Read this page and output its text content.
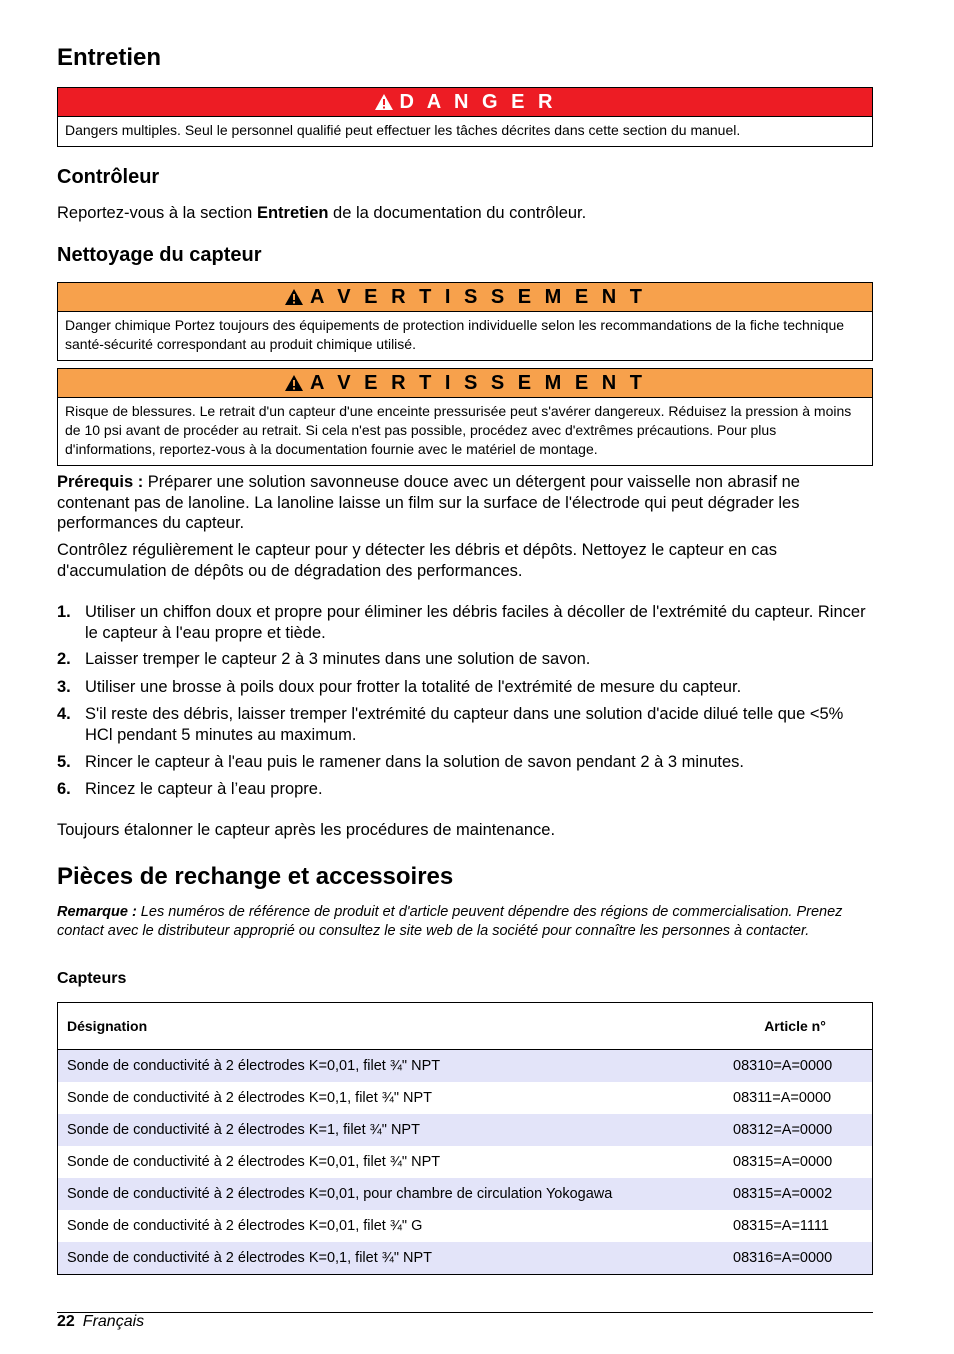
Entretien
D A N G E R
Dangers multiples. Seul le personnel qualifié peut effectuer les tâches décrites dans cette section du manuel.
Contrôleur
Reportez-vous à la section Entretien de la documentation du contrôleur.
Nettoyage du capteur
A V E R T I S S E M E N T
Danger chimique Portez toujours des équipements de protection individuelle selon les recommandations de la fiche technique santé-sécurité correspondant au produit chimique utilisé.
A V E R T I S S E M E N T
Risque de blessures. Le retrait d'un capteur d'une enceinte pressurisée peut s'avérer dangereux. Réduisez la pression à moins de 10 psi avant de procéder au retrait. Si cela n'est pas possible, procédez avec d'extrêmes précautions. Pour plus d'informations, reportez-vous à la documentation fournie avec le matériel de montage.
Prérequis : Préparer une solution savonneuse douce avec un détergent pour vaisselle non abrasif ne contenant pas de lanoline. La lanoline laisse un film sur la surface de l'électrode qui peut dégrader les performances du capteur.
Contrôlez régulièrement le capteur pour y détecter les débris et dépôts. Nettoyez le capteur en cas d'accumulation de dépôts ou de dégradation des performances.
1. Utiliser un chiffon doux et propre pour éliminer les débris faciles à décoller de l'extrémité du capteur. Rincer le capteur à l'eau propre et tiède.
2. Laisser tremper le capteur 2 à 3 minutes dans une solution de savon.
3. Utiliser une brosse à poils doux pour frotter la totalité de l'extrémité de mesure du capteur.
4. S'il reste des débris, laisser tremper l'extrémité du capteur dans une solution d'acide dilué telle que <5% HCl pendant 5 minutes au maximum.
5. Rincer le capteur à l'eau puis le ramener dans la solution de savon pendant 2 à 3 minutes.
6. Rincez le capteur à l’eau propre.
Toujours étalonner le capteur après les procédures de maintenance.
Pièces de rechange et accessoires
Remarque : Les numéros de référence de produit et d'article peuvent dépendre des régions de commercialisation. Prenez contact avec le distributeur approprié ou consultez le site web de la société pour connaître les personnes à contacter.
Capteurs
Désignation	Article n°
Sonde de conductivité à 2 électrodes K=0,01, filet ¾" NPT	08310=A=0000
Sonde de conductivité à 2 électrodes K=0,1, filet ¾" NPT	08311=A=0000
Sonde de conductivité à 2 électrodes K=1, filet ¾" NPT	08312=A=0000
Sonde de conductivité à 2 électrodes K=0,01, filet ¾" NPT	08315=A=0000
Sonde de conductivité à 2 électrodes K=0,01, pour chambre de circulation Yokogawa	08315=A=0002
Sonde de conductivité à 2 électrodes K=0,01, filet ¾" G	08315=A=1111
Sonde de conductivité à 2 électrodes K=0,1, filet ¾" NPT	08316=A=0000
22 Français
